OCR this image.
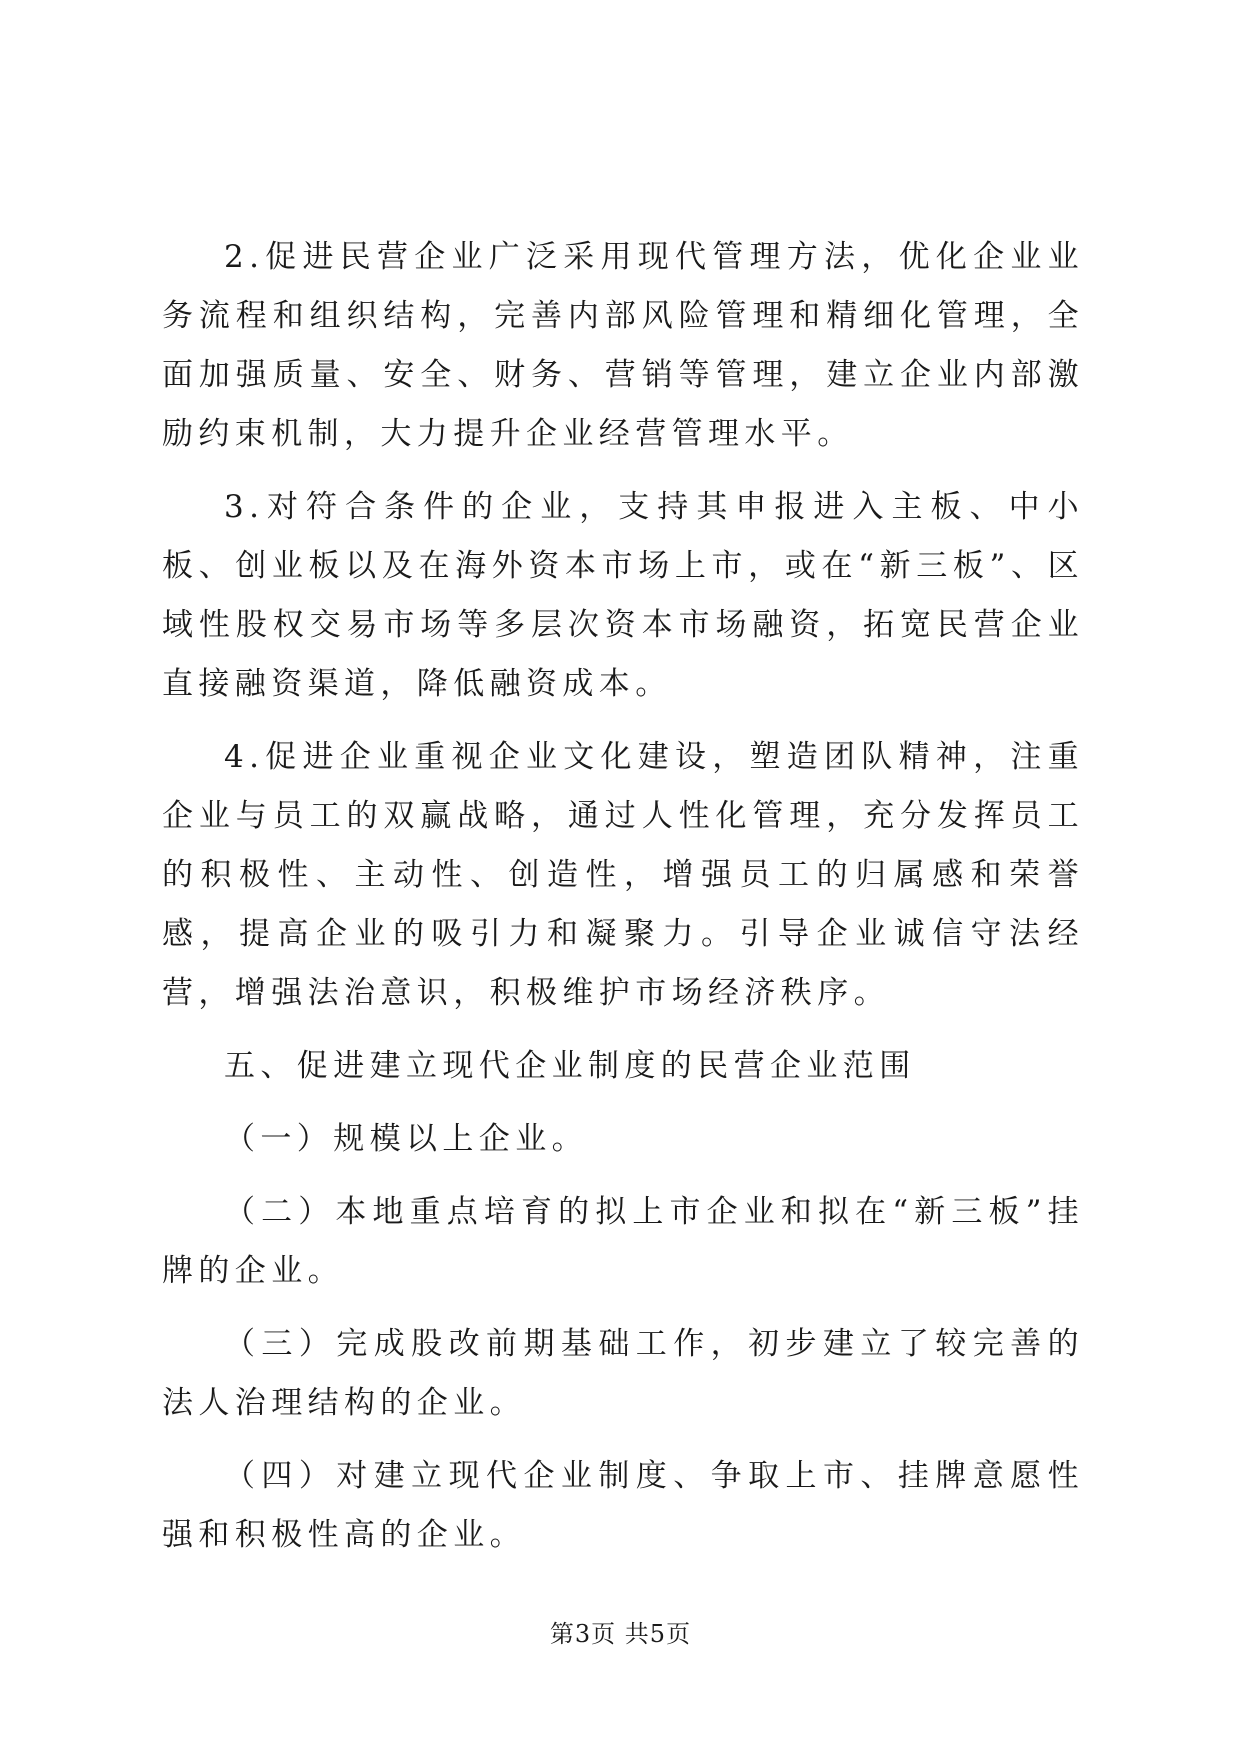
2.促进民营企业广泛采用现代管理方法，优化企业业务流程和组织结构，完善内部风险管理和精细化管理，全面加强质量、安全、财务、营销等管理，建立企业内部激励约束机制，大力提升企业经营管理水平。

3.对符合条件的企业，支持其申报进入主板、中小板、创业板以及在海外资本市场上市，或在“新三板”、区域性股权交易市场等多层次资本市场融资，拓宽民营企业直接融资渠道，降低融资成本。

4.促进企业重视企业文化建设，塑造团队精神，注重企业与员工的双赢战略，通过人性化管理，充分发挥员工的积极性、主动性、创造性，增强员工的归属感和荣誉感，提高企业的吸引力和凝聚力。引导企业诚信守法经营，增强法治意识，积极维护市场经济秩序。

五、促进建立现代企业制度的民营企业范围

（一）规模以上企业。

（二）本地重点培育的拟上市企业和拟在“新三板”挂牌的企业。

（三）完成股改前期基础工作，初步建立了较完善的法人治理结构的企业。

（四）对建立现代企业制度、争取上市、挂牌意愿性强和积极性高的企业。

第3页 共5页
